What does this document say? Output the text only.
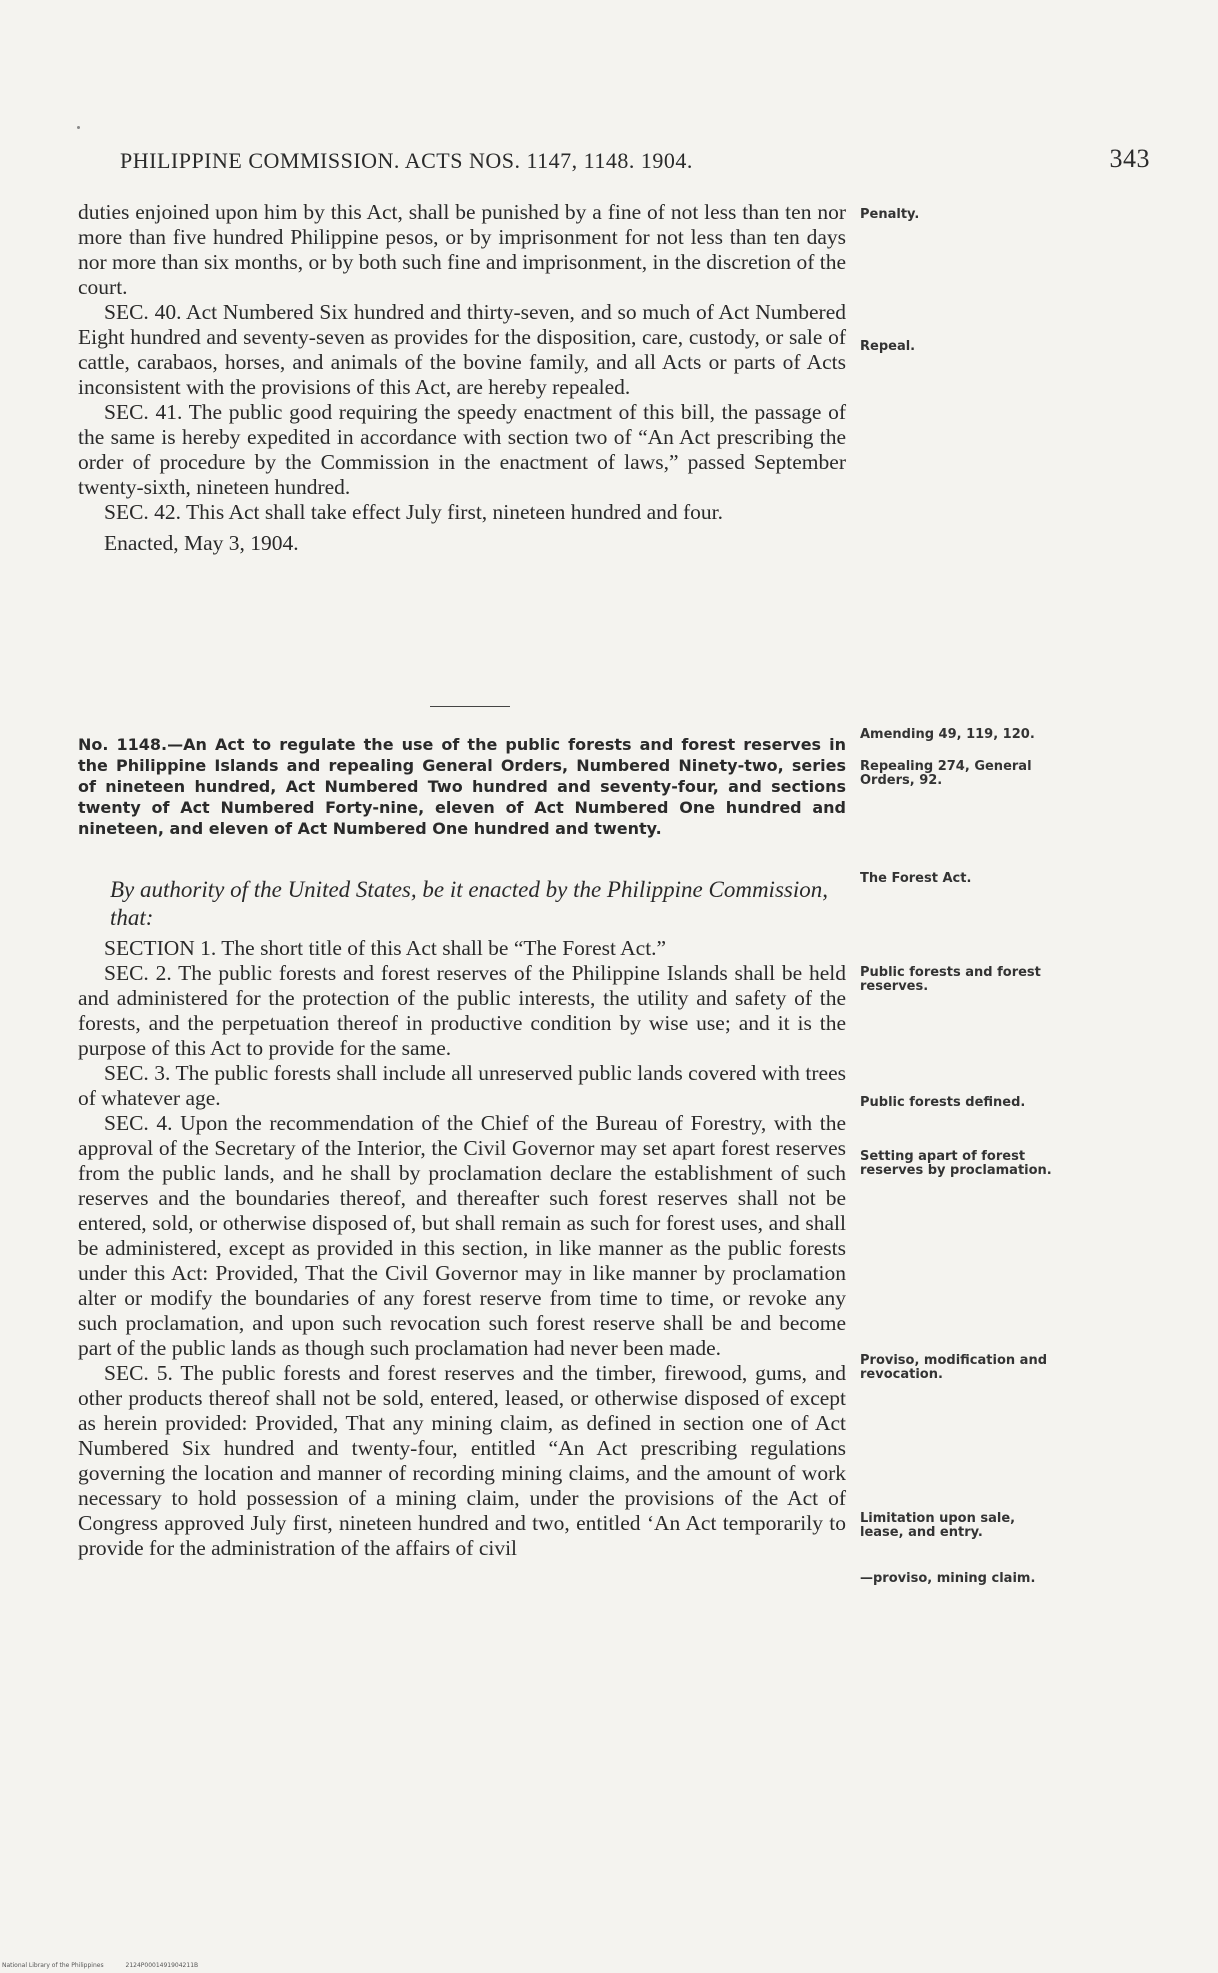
PHILIPPINE COMMISSION. ACTS NOS. 1147, 1148. 1904.	343

duties enjoined upon him by this Act, shall be punished by a fine of not less than ten nor more than five hundred Philippine pesos, or by imprisonment for not less than ten days nor more than six months, or by both such fine and imprisonment, in the discretion of the court.

SEC. 40. Act Numbered Six hundred and thirty-seven, and so much of Act Numbered Eight hundred and seventy-seven as provides for the disposition, care, custody, or sale of cattle, carabaos, horses, and animals of the bovine family, and all Acts or parts of Acts inconsistent with the provisions of this Act, are hereby repealed.

SEC. 41. The public good requiring the speedy enactment of this bill, the passage of the same is hereby expedited in accordance with section two of “An Act prescribing the order of procedure by the Commission in the enactment of laws,” passed September twenty-sixth, nineteen hundred.

SEC. 42. This Act shall take effect July first, nineteen hundred and four.

Enacted, May 3, 1904.

No. 1148.—An Act to regulate the use of the public forests and forest reserves in the Philippine Islands and repealing General Orders, Numbered Ninety-two, series of nineteen hundred, Act Numbered Two hundred and seventy-four, and sections twenty of Act Numbered Forty-nine, eleven of Act Numbered One hundred and nineteen, and eleven of Act Numbered One hundred and twenty.
By authority of the United States, be it enacted by the Philippine Commission, that:

SECTION 1. The short title of this Act shall be “The Forest Act.”

SEC. 2. The public forests and forest reserves of the Philippine Islands shall be held and administered for the protection of the public interests, the utility and safety of the forests, and the perpetuation thereof in productive condition by wise use; and it is the purpose of this Act to provide for the same.

SEC. 3. The public forests shall include all unreserved public lands covered with trees of whatever age.

SEC. 4. Upon the recommendation of the Chief of the Bureau of Forestry, with the approval of the Secretary of the Interior, the Civil Governor may set apart forest reserves from the public lands, and he shall by proclamation declare the establishment of such reserves and the boundaries thereof, and thereafter such forest reserves shall not be entered, sold, or otherwise disposed of, but shall remain as such for forest uses, and shall be administered, except as provided in this section, in like manner as the public forests under this Act: Provided, That the Civil Governor may in like manner by proclamation alter or modify the boundaries of any forest reserve from time to time, or revoke any such proclamation, and upon such revocation such forest reserve shall be and become part of the public lands as though such proclamation had never been made.

SEC. 5. The public forests and forest reserves and the timber, firewood, gums, and other products thereof shall not be sold, entered, leased, or otherwise disposed of except as herein provided: Provided, That any mining claim, as defined in section one of Act Numbered Six hundred and twenty-four, entitled “An Act prescribing regulations governing the location and manner of recording mining claims, and the amount of work necessary to hold possession of a mining claim, under the provisions of the Act of Congress approved July first, nineteen hundred and two, entitled ‘An Act temporarily to provide for the administration of the affairs of civil

Penalty.
Repeal.
Amending 49, 119, 120.
Repealing 274, General Orders, 92.
The Forest Act.
Public forests and forest reserves.
Public forests defined.
Setting apart of forest reserves by proclamation.
Proviso, modification and revocation.
Limitation upon sale, lease, and entry.
—proviso, mining claim.
National Library of the Philippines	2124P0001491904211B
